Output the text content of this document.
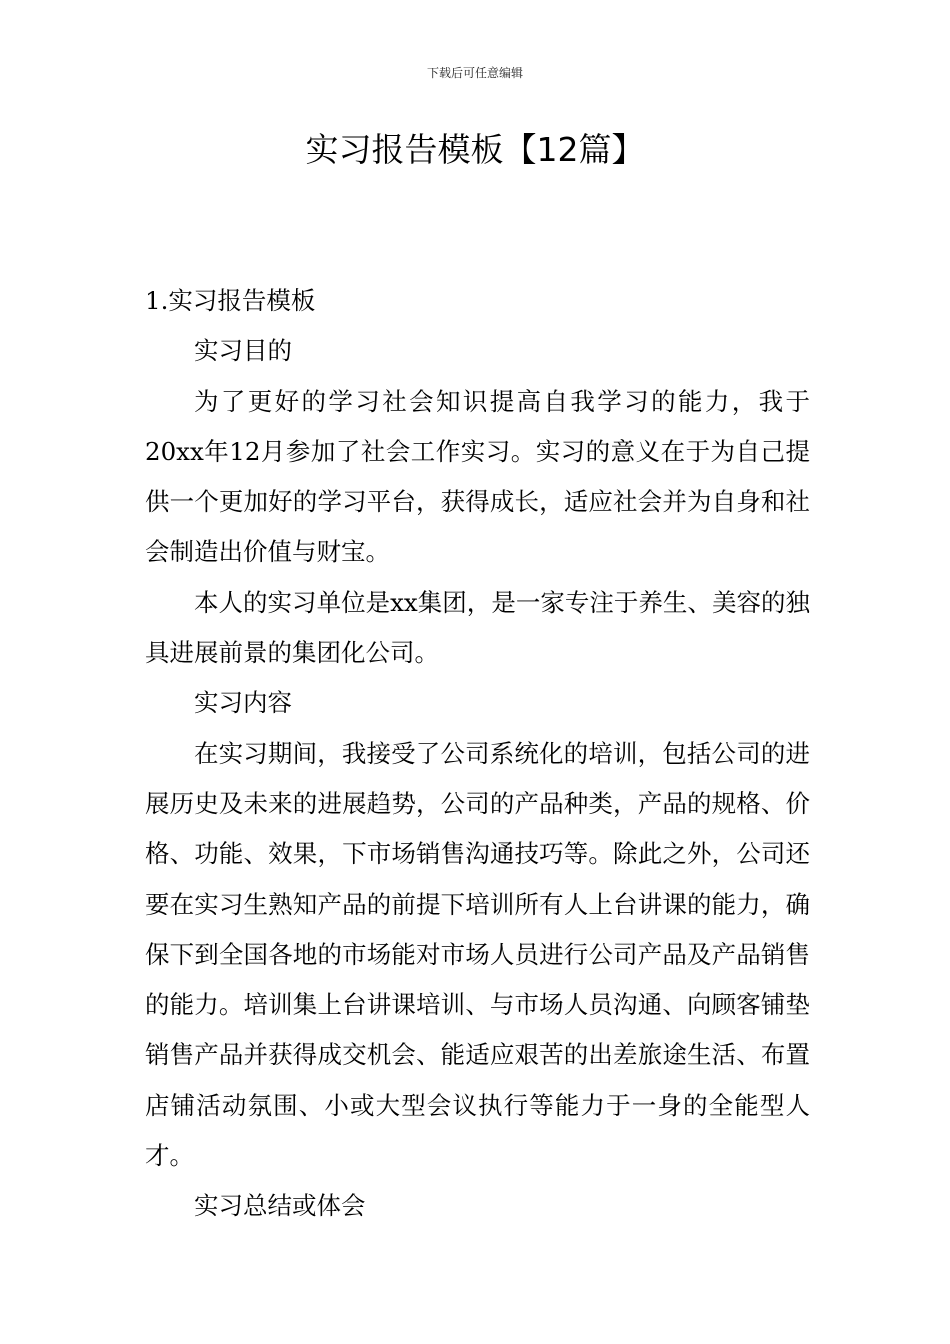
下载后可任意编辑
实习报告模板【12篇】

1.实习报告模板

实习目的

为了更好的学习社会知识提高自我学习的能力，我于20xx年12月参加了社会工作实习。实习的意义在于为自己提供一个更加好的学习平台，获得成长，适应社会并为自身和社会制造出价值与财宝。

本人的实习单位是xx集团，是一家专注于养生、美容的独具进展前景的集团化公司。

实习内容

在实习期间，我接受了公司系统化的培训，包括公司的进展历史及未来的进展趋势，公司的产品种类，产品的规格、价格、功能、效果，下市场销售沟通技巧等。除此之外，公司还要在实习生熟知产品的前提下培训所有人上台讲课的能力，确保下到全国各地的市场能对市场人员进行公司产品及产品销售的能力。培训集上台讲课培训、与市场人员沟通、向顾客铺垫销售产品并获得成交机会、能适应艰苦的出差旅途生活、布置店铺活动氛围、小或大型会议执行等能力于一身的全能型人才。

实习总结或体会
